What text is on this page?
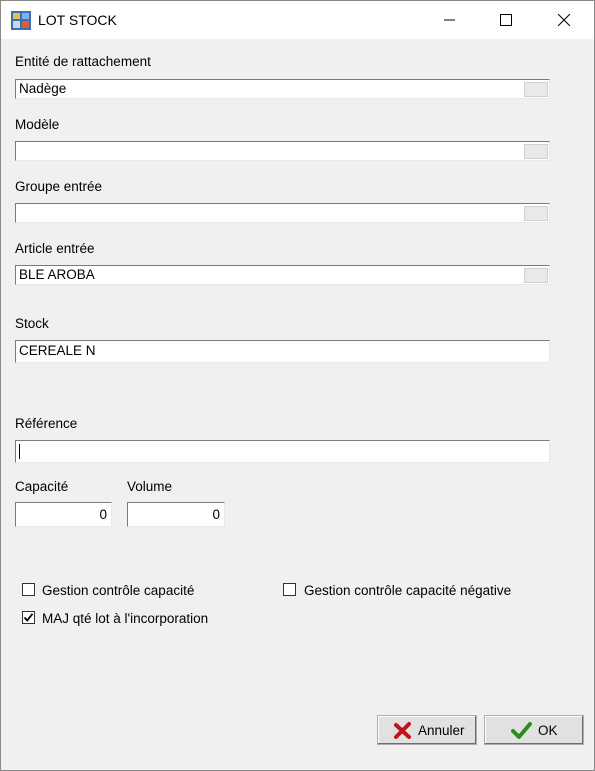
LOT STOCK
Entité de rattachement
Nadège
Modèle
Groupe entrée
Article entrée
BLE AROBA
Stock
CEREALE N
Référence
Capacité	Volume
0	0
Gestion contrôle capacité	Gestion contrôle capacité négative
MAJ qté lot à l'incorporation
Annuler	OK
